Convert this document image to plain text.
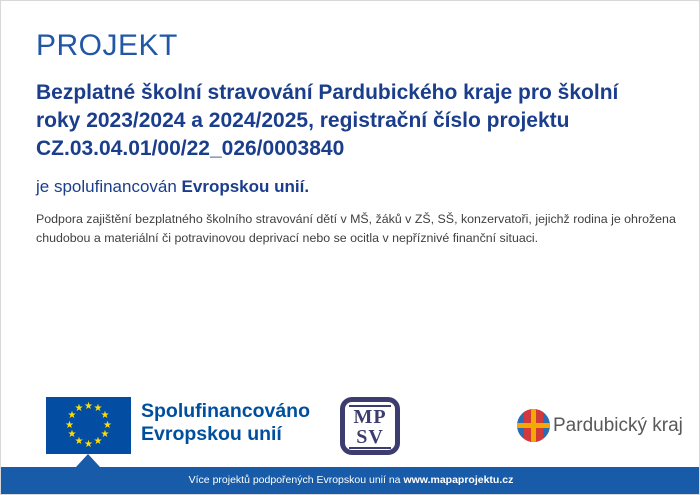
PROJEKT
Bezplatné školní stravování Pardubického kraje pro školní
roky 2023/2024 a 2024/2025, registrační číslo projektu
CZ.03.04.01/00/22_026/0003840
je spolufinancován Evropskou unií.
Podpora zajištění bezplatného školního stravování dětí v MŠ, žáků v ZŠ, SŠ, konzervatoři, jejichž rodina je ohrožena
chudobou a materiální či potravinovou deprivací nebo se ocitla v nepříznivé finanční situaci.
★ ★
★
★
★
★
★
★
★
★
★
★	Spolufinancováno
Evropskou unií
MP
SV
Pardubický kraj
Více projektů podpořených Evropskou unií na www.mapaprojektu.cz
